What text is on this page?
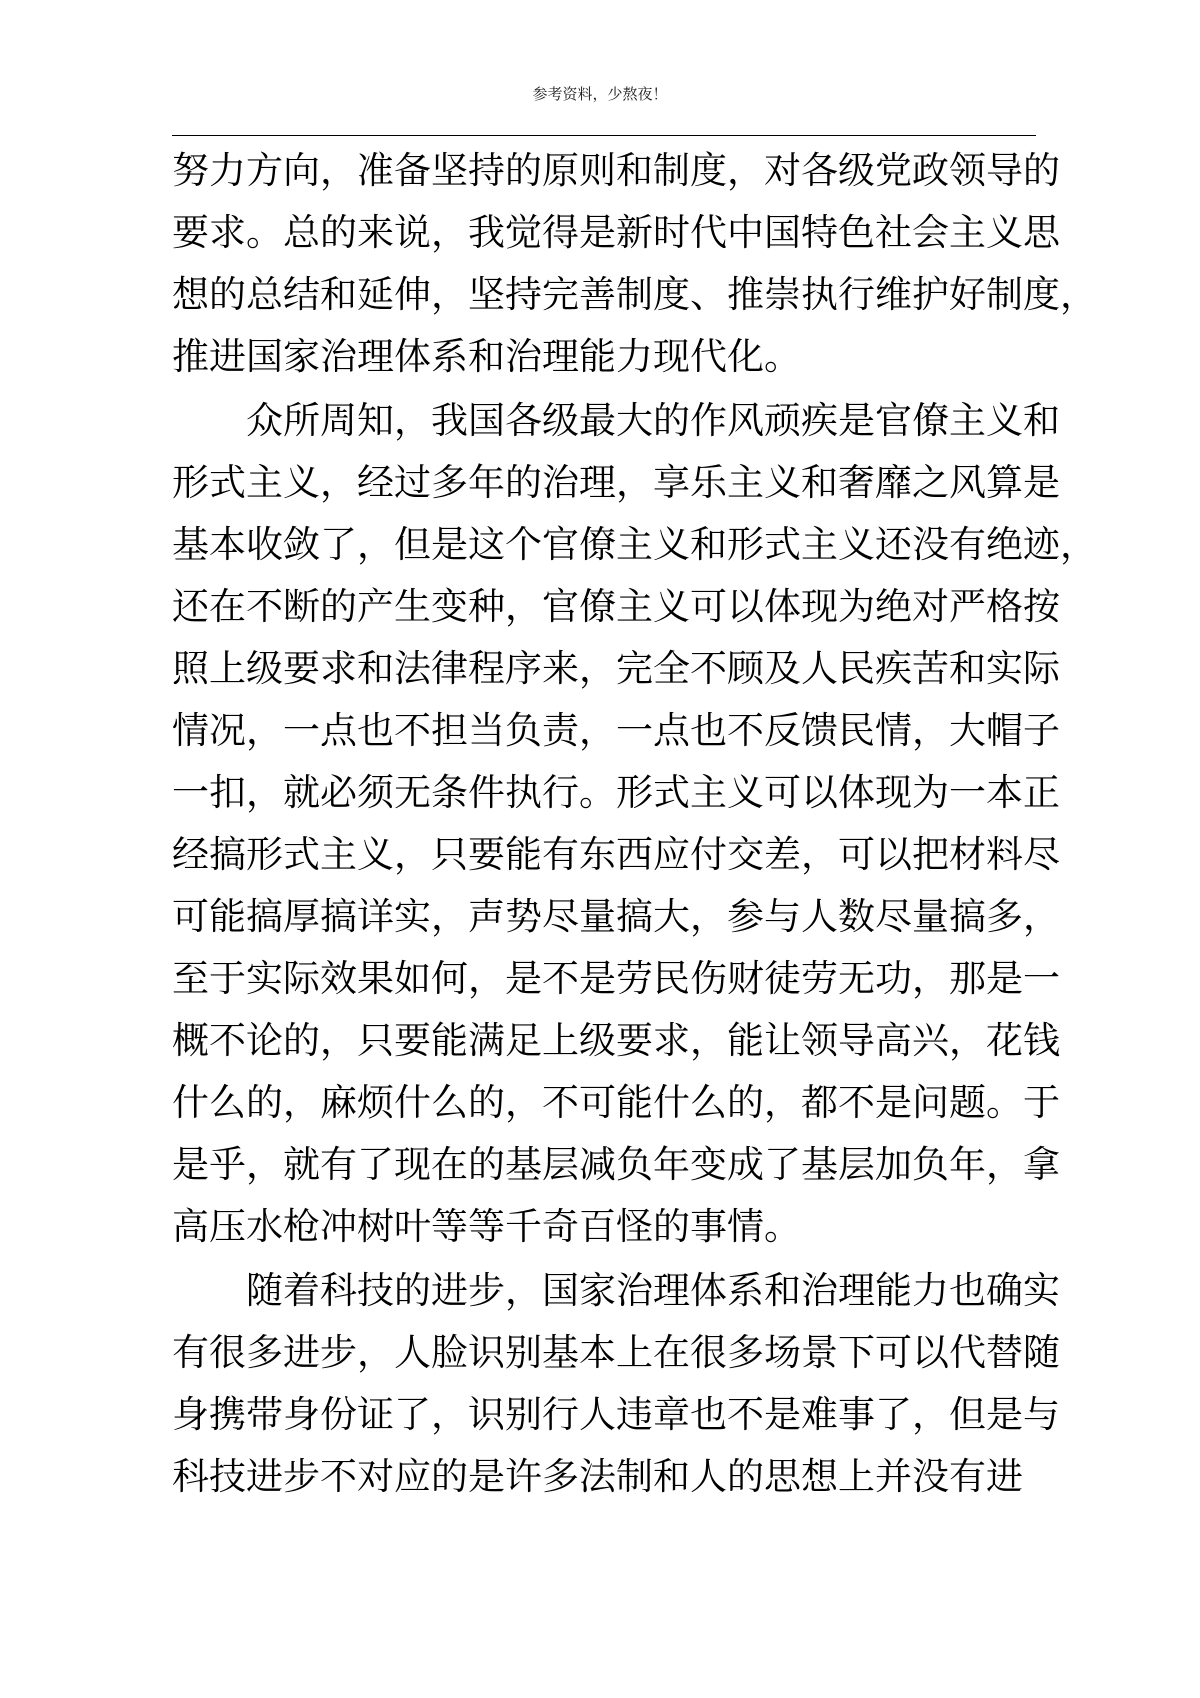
参考资料，少熬夜！
努力方向，准备坚持的原则和制度，对各级党政领导的
要求。总的来说，我觉得是新时代中国特色社会主义思
想的总结和延伸，坚持完善制度、推崇执行维护好制度，
推进国家治理体系和治理能力现代化。
众所周知，我国各级最大的作风顽疾是官僚主义和
形式主义，经过多年的治理，享乐主义和奢靡之风算是
基本收敛了，但是这个官僚主义和形式主义还没有绝迹，
还在不断的产生变种，官僚主义可以体现为绝对严格按
照上级要求和法律程序来，完全不顾及人民疾苦和实际
情况，一点也不担当负责，一点也不反馈民情，大帽子
一扣，就必须无条件执行。形式主义可以体现为一本正
经搞形式主义，只要能有东西应付交差，可以把材料尽
可能搞厚搞详实，声势尽量搞大，参与人数尽量搞多，
至于实际效果如何，是不是劳民伤财徒劳无功，那是一
概不论的，只要能满足上级要求，能让领导高兴，花钱
什么的，麻烦什么的，不可能什么的，都不是问题。于
是乎，就有了现在的基层减负年变成了基层加负年，拿
高压水枪冲树叶等等千奇百怪的事情。
随着科技的进步，国家治理体系和治理能力也确实
有很多进步，人脸识别基本上在很多场景下可以代替随
身携带身份证了，识别行人违章也不是难事了，但是与
科技进步不对应的是许多法制和人的思想上并没有进
